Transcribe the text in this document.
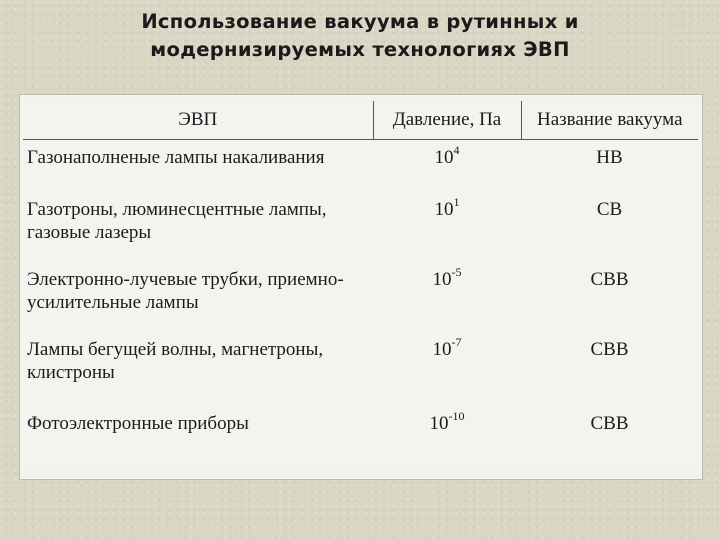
Использование вакуума в рутинных и
модернизируемых технологиях ЭВП
ЭВП	Давление, Па	Название вакуума
Газонаполненые лампы накаливания	$10^4$	НВ
Газотроны, люминесцентные лампы, газовые лазеры	$10^1$	СВ
Электронно-лучевые трубки, приемно-усилительные лампы	$10^{-5}$	СВВ
Лампы бегущей волны, магнетроны, клистроны	$10^{-7}$	СВВ
Фотоэлектронные приборы	$10^{-10}$	СВВ
